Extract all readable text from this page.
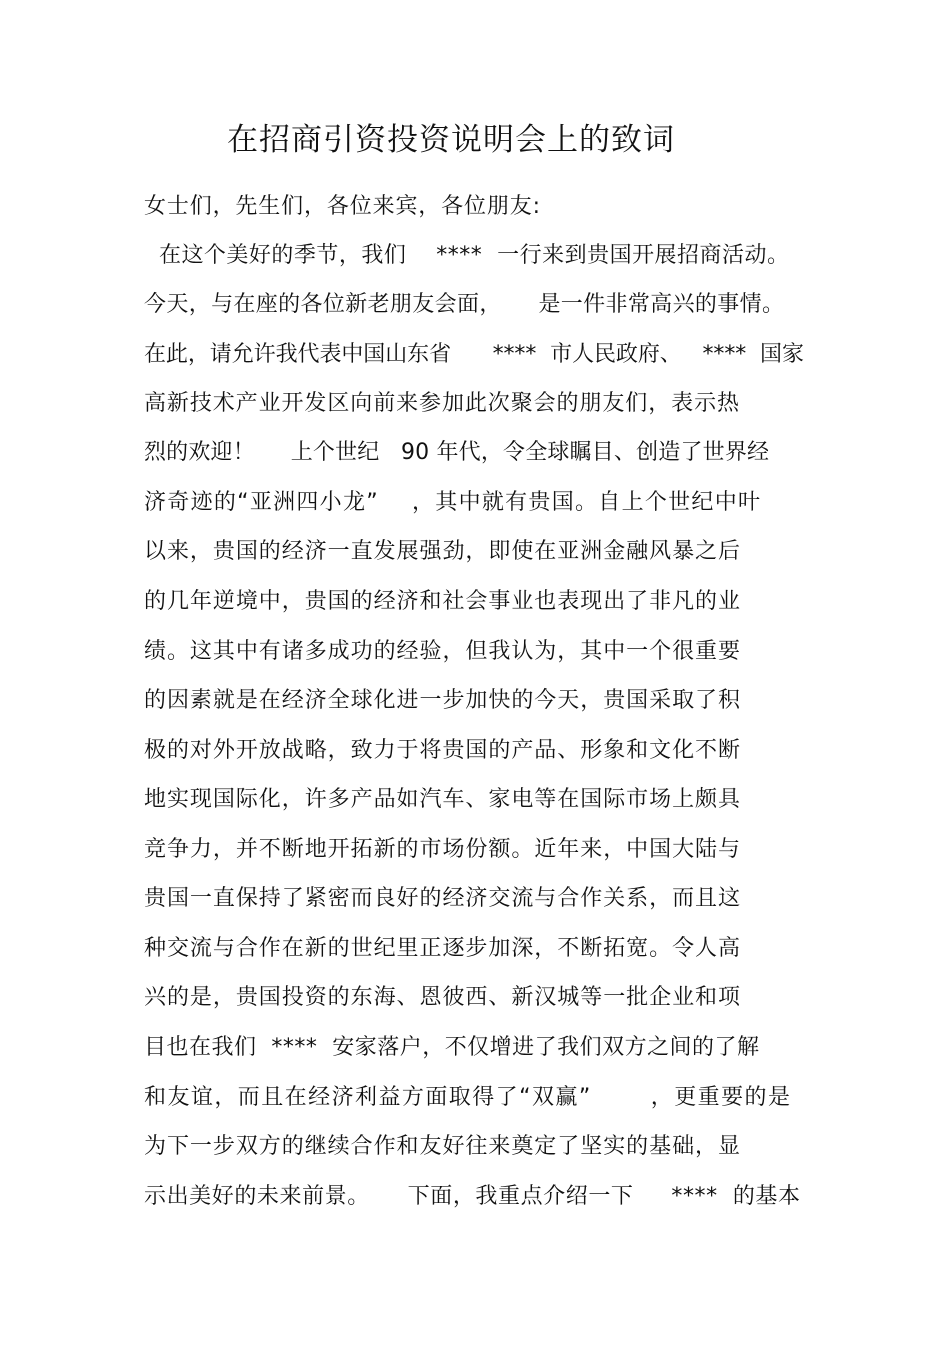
在招商引资投资说明会上的致词
女士们，先生们，各位来宾，各位朋友:
在这个美好的季节，我们    ****  一行来到贵国开展招商活动。
今天，与在座的各位新老朋友会面，     是一件非常高兴的事情。
在此，请允许我代表中国山东省      ****  市人民政府、   ****  国家
高新技术产业开发区向前来参加此次聚会的朋友们，表示热
烈的欢迎！     上个世纪   90 年代，令全球瞩目、创造了世界经
济奇迹的“亚洲四小龙”    ，其中就有贵国。自上个世纪中叶
以来，贵国的经济一直发展强劲，即使在亚洲金融风暴之后
的几年逆境中，贵国的经济和社会事业也表现出了非凡的业
绩。这其中有诸多成功的经验，但我认为，其中一个很重要
的因素就是在经济全球化进一步加快的今天，贵国采取了积
极的对外开放战略，致力于将贵国的产品、形象和文化不断
地实现国际化，许多产品如汽车、家电等在国际市场上颇具
竞争力，并不断地开拓新的市场份额。近年来，中国大陆与
贵国一直保持了紧密而良好的经济交流与合作关系，而且这
种交流与合作在新的世纪里正逐步加深，不断拓宽。令人高
兴的是，贵国投资的东海、恩彼西、新汉城等一批企业和项
目也在我们  ****  安家落户，不仅增进了我们双方之间的了解
和友谊，而且在经济利益方面取得了“双赢”       ，更重要的是
为下一步双方的继续合作和友好往来奠定了坚实的基础，显
示出美好的未来前景。     下面，我重点介绍一下     ****  的基本
